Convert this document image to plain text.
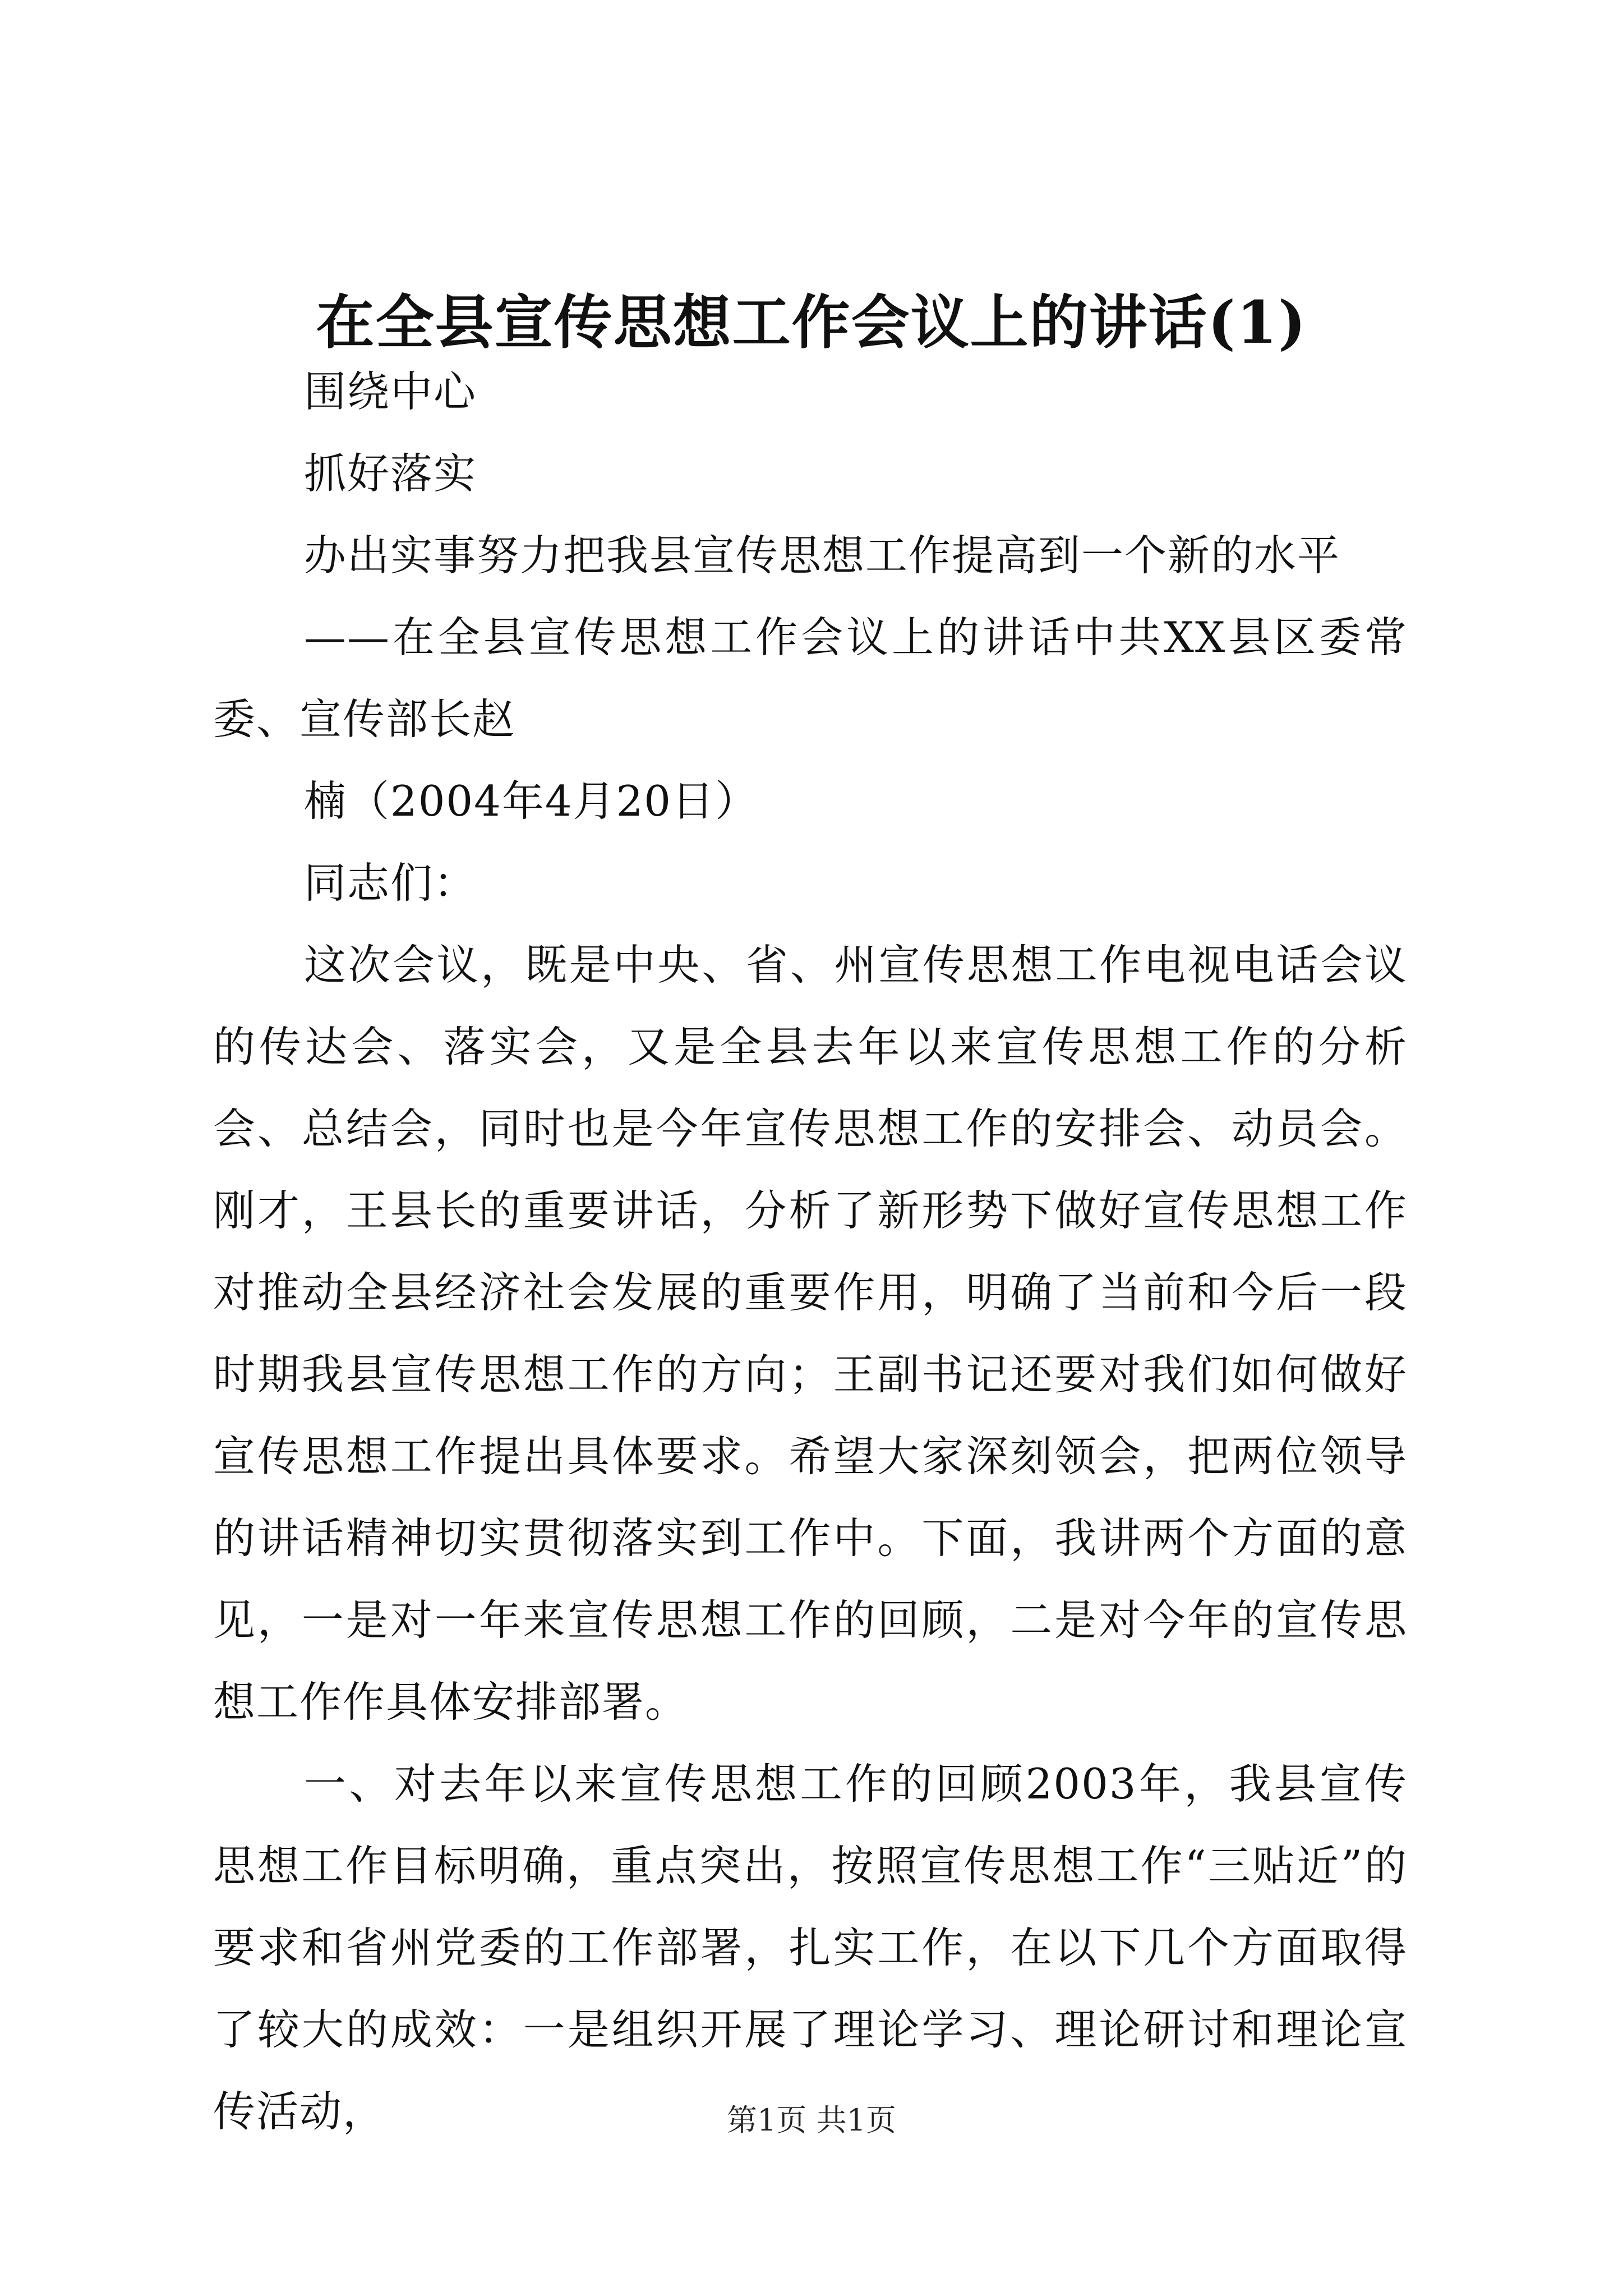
在全县宣传思想工作会议上的讲话(1)

围绕中心

抓好落实

办出实事努力把我县宣传思想工作提高到一个新的水平

——在全县宣传思想工作会议上的讲话中共XX县区委常委、宣传部长赵

楠（2004年4月20日）

同志们：

这次会议，既是中央、省、州宣传思想工作电视电话会议的传达会、落实会，又是全县去年以来宣传思想工作的分析会、总结会，同时也是今年宣传思想工作的安排会、动员会。刚才，王县长的重要讲话，分析了新形势下做好宣传思想工作对推动全县经济社会发展的重要作用，明确了当前和今后一段时期我县宣传思想工作的方向；王副书记还要对我们如何做好宣传思想工作提出具体要求。希望大家深刻领会，把两位领导的讲话精神切实贯彻落实到工作中。下面，我讲两个方面的意见，一是对一年来宣传思想工作的回顾，二是对今年的宣传思想工作作具体安排部署。

一、对去年以来宣传思想工作的回顾2003年，我县宣传思想工作目标明确，重点突出，按照宣传思想工作“三贴近”的要求和省州党委的工作部署，扎实工作，在以下几个方面取得了较大的成效：一是组织开展了理论学习、理论研讨和理论宣传活动，	第1页 共1页
